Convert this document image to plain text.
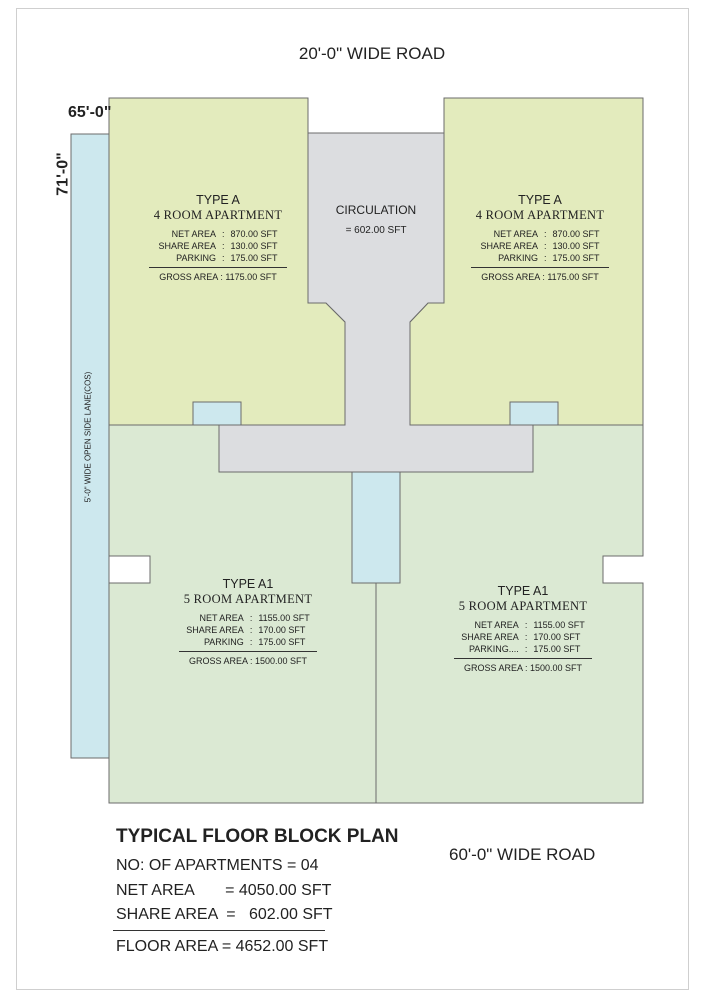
20'-0" WIDE ROAD
65'-0"
71'-0"
5'-0" WIDE OPEN SIDE LANE(COS)
CIRCULATION
= 602.00 SFT
TYPE A
4 ROOM APARTMENT
NET AREA	:	870.00 SFT
SHARE AREA	:	130.00 SFT
PARKING	:	175.00 SFT
GROSS AREA : 1175.00 SFT
TYPE A
4 ROOM APARTMENT
NET AREA	:	870.00 SFT
SHARE AREA	:	130.00 SFT
PARKING	:	175.00 SFT
GROSS AREA : 1175.00 SFT
TYPE A1
5 ROOM APARTMENT
NET AREA	:	1155.00 SFT
SHARE AREA	:	170.00 SFT
PARKING	:	175.00 SFT
GROSS AREA : 1500.00 SFT
TYPE A1
5 ROOM APARTMENT
NET AREA	:	1155.00 SFT
SHARE AREA	:	170.00 SFT
PARKING....	:	175.00 SFT
GROSS AREA : 1500.00 SFT
TYPICAL FLOOR BLOCK PLAN
NO: OF APARTMENTS = 04
NET AREA       = 4050.00 SFT
SHARE AREA  =   602.00 SFT
FLOOR AREA = 4652.00 SFT
60'-0" WIDE ROAD
